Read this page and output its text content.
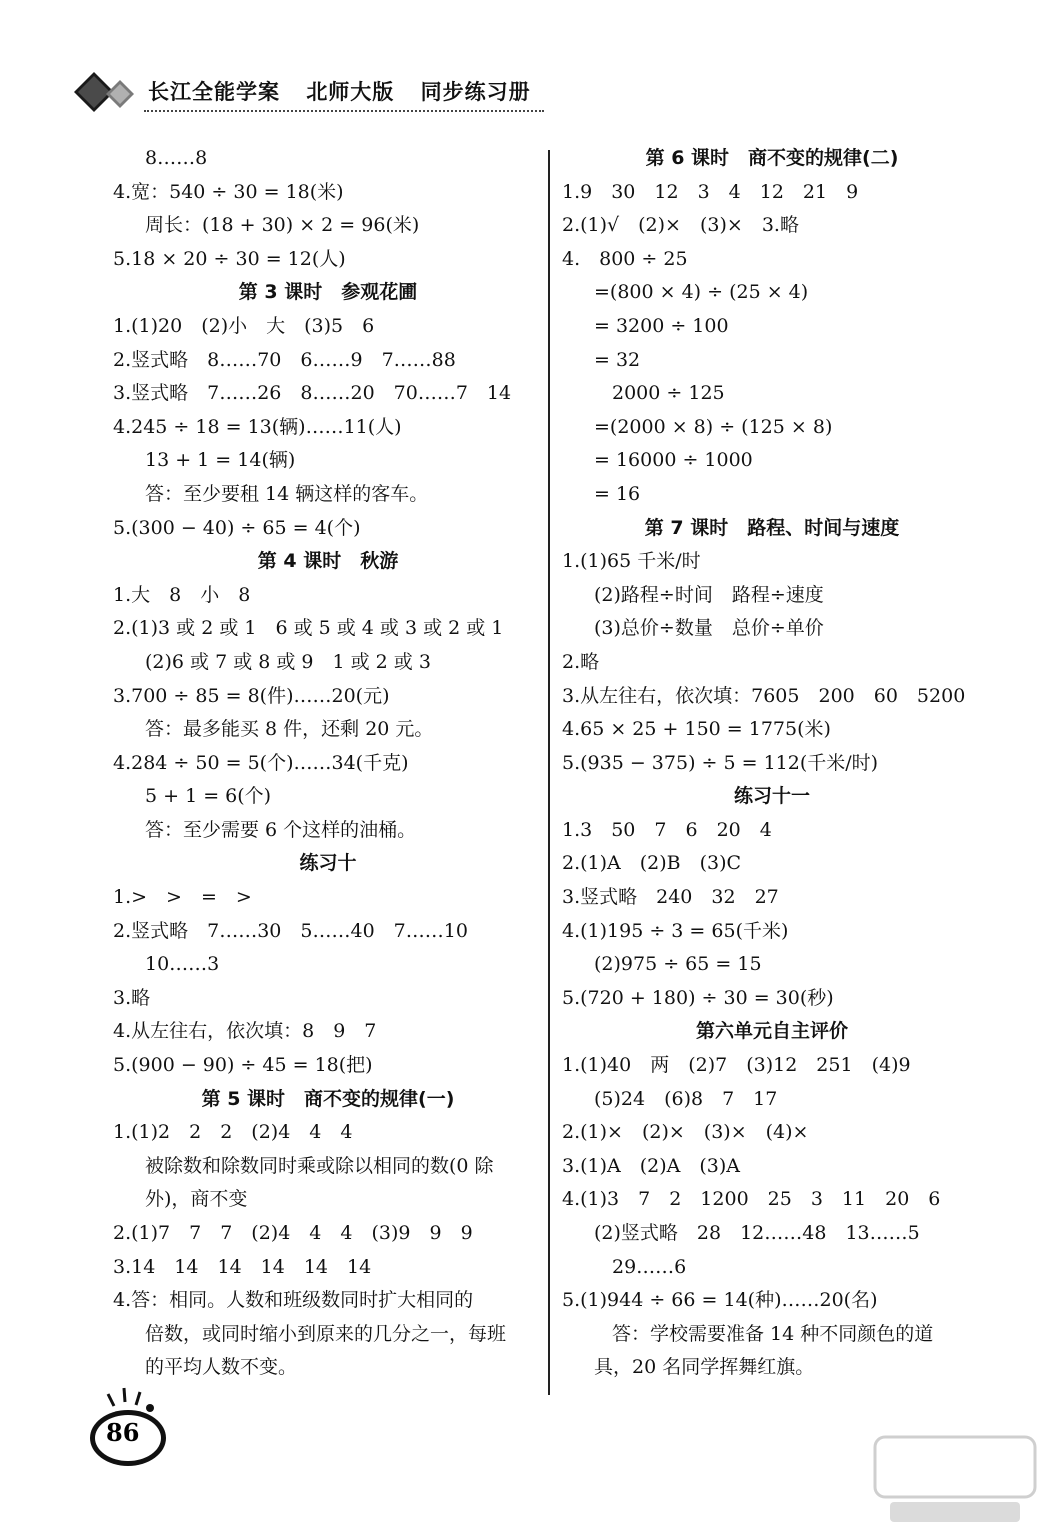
长江全能学案 北师大版 同步练习册
8……8
4.宽：540 ÷ 30 = 18(米)
周长：(18 + 30) × 2 = 96(米)
5.18 × 20 ÷ 30 = 12(人)
第 3 课时　参观花圃
1.(1)20　(2)小　大　(3)5　6
2.竖式略　8……70　6……9　7……88
3.竖式略　7……26　8……20　70……7　14
4.245 ÷ 18 = 13(辆)……11(人)
13 + 1 = 14(辆)
答：至少要租 14 辆这样的客车。
5.(300 − 40) ÷ 65 = 4(个)
第 4 课时　秋游
1.大　8　小　8
2.(1)3 或 2 或 1　6 或 5 或 4 或 3 或 2 或 1
(2)6 或 7 或 8 或 9　1 或 2 或 3
3.700 ÷ 85 = 8(件)……20(元)
答：最多能买 8 件，还剩 20 元。
4.284 ÷ 50 = 5(个)……34(千克)
5 + 1 = 6(个)
答：至少需要 6 个这样的油桶。
练习十
1.>　>　=　>
2.竖式略　7……30　5……40　7……10
10……3
3.略
4.从左往右，依次填：8　9　7
5.(900 − 90) ÷ 45 = 18(把)
第 5 课时　商不变的规律(一)
1.(1)2　2　2　(2)4　4　4
被除数和除数同时乘或除以相同的数(0 除
外)，商不变
2.(1)7　7　7　(2)4　4　4　(3)9　9　9
3.14　14　14　14　14　14
4.答：相同。人数和班级数同时扩大相同的
倍数，或同时缩小到原来的几分之一，每班
的平均人数不变。
第 6 课时　商不变的规律(二)
1.9　30　12　3　4　12　21　9
2.(1)√　(2)×　(3)×　3.略
4.　800 ÷ 25
=(800 × 4) ÷ (25 × 4)
= 3200 ÷ 100
= 32
2000 ÷ 125
=(2000 × 8) ÷ (125 × 8)
= 16000 ÷ 1000
= 16
第 7 课时　路程、时间与速度
1.(1)65 千米/时
(2)路程÷时间　路程÷速度
(3)总价÷数量　总价÷单价
2.略
3.从左往右，依次填：7605　200　60　5200
4.65 × 25 + 150 = 1775(米)
5.(935 − 375) ÷ 5 = 112(千米/时)
练习十一
1.3　50　7　6　20　4
2.(1)A　(2)B　(3)C
3.竖式略　240　32　27
4.(1)195 ÷ 3 = 65(千米)
(2)975 ÷ 65 = 15
5.(720 + 180) ÷ 30 = 30(秒)
第六单元自主评价
1.(1)40　两　(2)7　(3)12　251　(4)9
(5)24　(6)8　7　17
2.(1)×　(2)×　(3)×　(4)×
3.(1)A　(2)A　(3)A
4.(1)3　7　2　1200　25　3　11　20　6
(2)竖式略　28　12……48　13……5
29……6
5.(1)944 ÷ 66 = 14(种)……20(名)
答：学校需要准备 14 种不同颜色的道
具，20 名同学挥舞红旗。
86
